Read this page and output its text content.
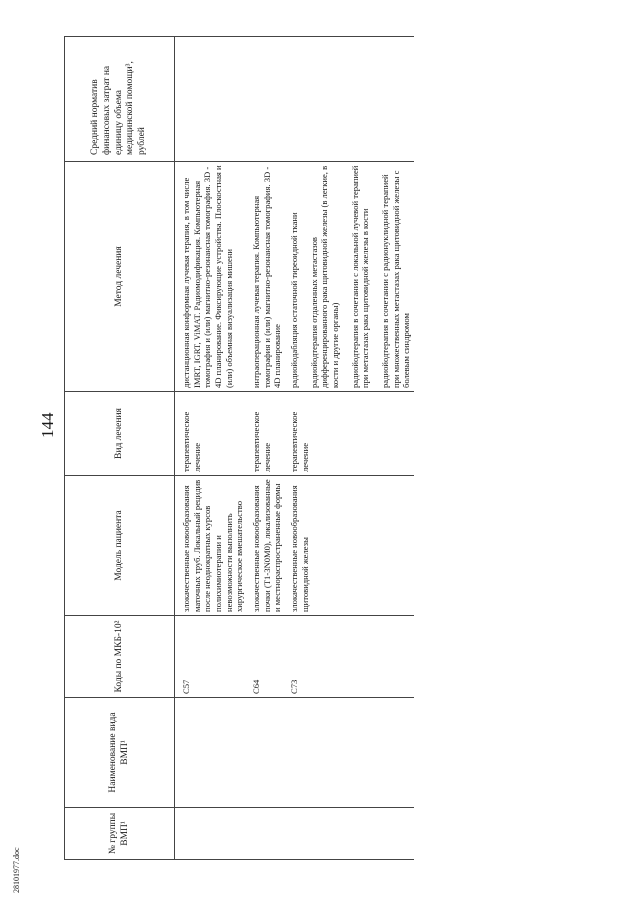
144
№ группы ВМП¹	Наименование вида ВМП¹	Коды по МКБ-10²	Модель пациента	Вид лечения	Метод лечения	Средний норматив финансовых затрат на единицу объема медицинской помощи³, рублей
		C57	злокачественные новообразования маточных труб. Локальный рецидив после неоднократных курсов полихимиотерапии и невозможности выполнить хирургическое вмешательство	терапевтическое лечение	дистанционная конформная лучевая терапия, в том числе IMRT, IGRT, ViMAT. Радиомодификация. Компьютерная томография и (или) магнитно-резонансная томография. 3D - 4D планирование. Фиксирующие устройства. Плоскостная и (или) объемная визуализация мишени	

		C64	злокачественные новообразования почки (T1-3N0M0), локализованные и местнораспространенные формы	терапевтическое лечение	интраоперационная лучевая терапия. Компьютерная томография и (или) магнитно-резонансная томография. 3D - 4D планирование	

		C73	злокачественные новообразования щитовидной железы	терапевтическое лечение	радиойодабляция остаточной тиреоидной ткани радиойодтерапия отдаленных метастазов дифференцированного рака щитовидной железы (в легкие, в кости и другие органы) радиойодтерапия в сочетании с локальной лучевой терапией при метастазах рака щитовидной железы в кости радиойодтерапия в сочетании с радионуклидной терапией при множественных метастазах рака щитовидной железы с болевым синдромом	

28101977.doc
